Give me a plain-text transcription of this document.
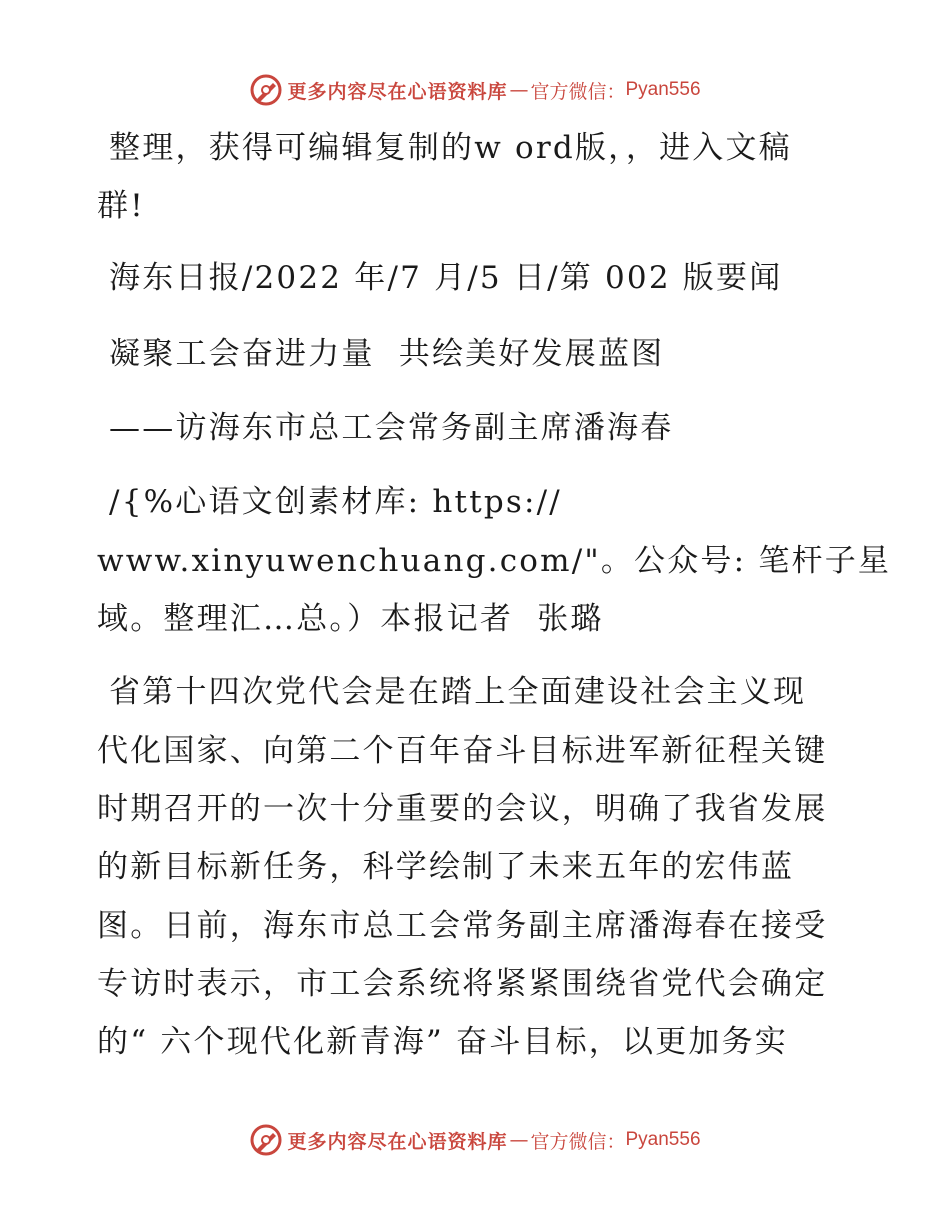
更多内容尽在心语资料库 — 官方微信： Pyan556
整理，获得可编辑复制的w ord版，，进入文稿
群!
海东日报/2022 年/7 月/5 日/第 002 版要闻
凝聚工会奋进力量  共绘美好发展蓝图
——访海东市总工会常务副主席潘海春
/{%心语文创素材库: https://
www.xinyuwenchuang.com/"。公众号: 笔杆子星
域。整理汇…总。）本报记者  张璐
省第十四次党代会是在踏上全面建设社会主义现
代化国家、向第二个百年奋斗目标进军新征程关键
时期召开的一次十分重要的会议，明确了我省发展
的新目标新任务，科学绘制了未来五年的宏伟蓝
图。日前，海东市总工会常务副主席潘海春在接受
专访时表示，市工会系统将紧紧围绕省党代会确定
的“ 六个现代化新青海” 奋斗目标，以更加务实
更多内容尽在心语资料库 — 官方微信： Pyan556
